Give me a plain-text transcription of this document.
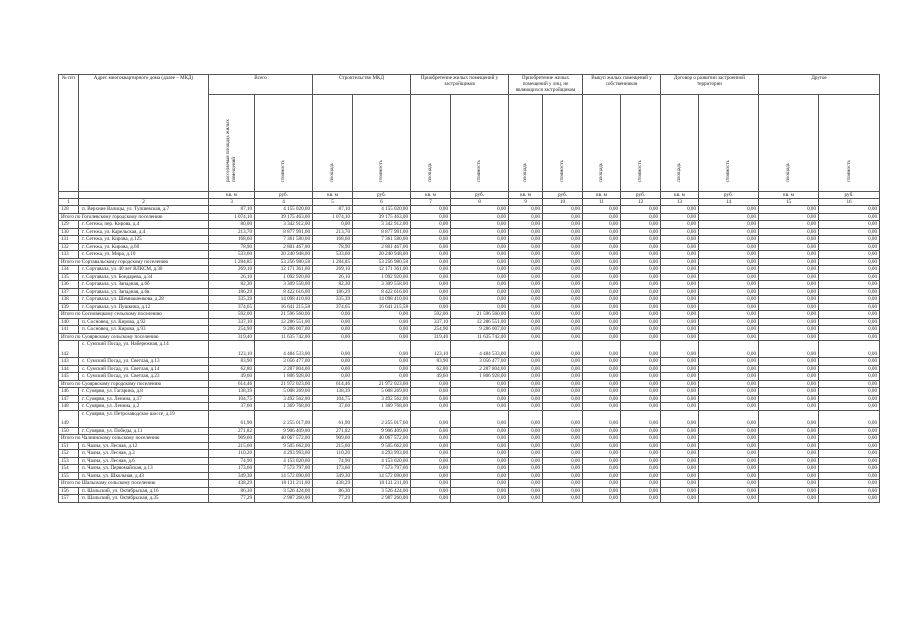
№ п/п	Адрес многоквартирного дома (далее – МКД)	Всего		Строительство МКД		Приобретение жилых помещений у застройщиков		Приобретение жилых помещений у лиц, не являющихся застройщиком		Выкуп жилых помещений у собственников		Договор о развитии застроенной территории		Другое	
		расселяемая площадь жилых помещений	стоимость	площадь	стоимость	площадь	стоимость	площадь	стоимость	площадь	стоимость	площадь	стоимость	площадь	стоимость
		кв. м	руб.	кв. м	руб.	кв. м	руб.	кв. м	руб.	кв. м	руб.	кв. м	руб.	кв. м	руб.
1	2	3	4	5	6	7	8	9	10	11	12	13	14	15	16
128	п. Верхние Валицы, ул. Тупшевская, д.7	87,10	4 155 020,00	87,10	4 155 020,00	0,00	0,00	0,00	0,00	0,00	0,00	0,00	0,00	0,00	0,00
Итого по Гоголевскому городскому поселению		1 074,10	39 175 463,00	1 074,10	39 175 463,00	0,00	0,00	0,00	0,00	0,00	0,00	0,00	0,00	0,00	0,00
129	г. Сегежа, пер. Кирова, д.4	80,00	3 342 912,00	0,00	3 342 912,00	0,00	0,00	0,00	0,00	0,00	0,00	0,00	0,00	0,00	0,00
130	г. Сегежа, ул. Карельская, д.4	213,70	8 877 991,00	213,70	8 877 991,00	0,00	0,00	0,00	0,00	0,00	0,00	0,00	0,00	0,00	0,00
131	г. Сегежа, ул. Кирова, д.125	168,60	7 361 580,00	168,60	7 361 580,00	0,00	0,00	0,00	0,00	0,00	0,00	0,00	0,00	0,00	0,00
132	г. Сегежа, ул. Кирова, д.60	78,90	2 801 467,00	78,90	2 801 467,00	0,00	0,00	0,00	0,00	0,00	0,00	0,00	0,00	0,00	0,00
133	г. Сегежа, ул. Мира, д.10	533,60	20 240 948,00	533,60	20 240 948,00	0,00	0,00	0,00	0,00	0,00	0,00	0,00	0,00	0,00	0,00
Итого по Сортавальскому городскому поселению		1 284,85	53 256 980,58	1 284,85	53 256 980,58	0,00	0,00	0,00	0,00	0,00	0,00	0,00	0,00	0,00	0,00
134	г. Сортавала, ул. 40 лет ВЛКСМ, д.30	269,10	12 171 361,00	269,10	12 171 361,00	0,00	0,00	0,00	0,00	0,00	0,00	0,00	0,00	0,00	0,00
135	г. Сортавала, ул. Бондарева, д.34	26,10	1 092 920,00	26,10	1 092 920,00	0,00	0,00	0,00	0,00	0,00	0,00	0,00	0,00	0,00	0,00
136	г. Сортавала, ул. Западная, д.6б	82,30	3 309 558,00	82,30	3 309 558,00	0,00	0,00	0,00	0,00	0,00	0,00	0,00	0,00	0,00	0,00
137	г. Сортавала, ул. Западная, д.6в	186,29	8 422 616,00	186,29	8 422 616,00	0,00	0,00	0,00	0,00	0,00	0,00	0,00	0,00	0,00	0,00
138	г. Сортавала, ул. Шемнашенкова, д.28	335,39	14 098 410,00	335,39	14 098 410,00	0,00	0,00	0,00	0,00	0,00	0,00	0,00	0,00	0,00	0,00
139	г. Сортавала, ул. Пушкина, д.12	374,65	16 641 215,58	374,65	16 641 215,58	0,00	0,00	0,00	0,00	0,00	0,00	0,00	0,00	0,00	0,00
Итого по Сосновецкому сельскому поселению		592,00	21 596 560,00	0,00	0,00	592,00	21 596 560,00	0,00	0,00	0,00	0,00	0,00	0,00	0,00	0,00
140	п. Сосновец, ул. Кирова, д.92	337,10	12 286 551,00	0,00	0,00	337,10	12 286 551,00	0,00	0,00	0,00	0,00	0,00	0,00	0,00	0,00
141	п. Сосновец, ул. Кирова, д.93	254,90	9 286 007,00	0,00	0,00	254,90	9 286 007,00	0,00	0,00	0,00	0,00	0,00	0,00	0,00	0,00
Итого по Суоярвскому сельскому поселению		319,40	11 635 742,00	0,00	0,00	319,40	11 635 742,00	0,00	0,00	0,00	0,00	0,00	0,00	0,00	0,00
142	с. Сумский Посад, ул. Набережная, д.14	123,10	4 484 533,00	0,00	0,00	123,10	4 484 533,00	0,00	0,00	0,00	0,00	0,00	0,00	0,00	0,00
143	с. Сумский Посад, ул. Светлая, д.13	83,90	3 056 477,00	0,00	0,00	83,90	3 056 477,00	0,00	0,00	0,00	0,00	0,00	0,00	0,00	0,00
144	с. Сумский Посад, ул. Светлая, д.14	62,80	2 287 804,00	0,00	0,00	62,80	2 287 804,00	0,00	0,00	0,00	0,00	0,00	0,00	0,00	0,00
145	с. Сумский Посад, ул. Светлая, д.23	49,60	1 806 928,00	0,00	0,00	49,60	1 806 928,00	0,00	0,00	0,00	0,00	0,00	0,00	0,00	0,00
Итого по Суоярвскому городскому поселению		614,46	21 972 023,00	614,46	21 972 023,00	0,00	0,00	0,00	0,00	0,00	0,00	0,00	0,00	0,00	0,00
146	г. Суоярви, ул. Гагарина, д.8	138,39	5 008 269,00	138,39	5 008 269,00	0,00	0,00	0,00	0,00	0,00	0,00	0,00	0,00	0,00	0,00
147	г. Суоярви, ул. Ленина, д.17	104,75	3 492 562,00	104,75	3 492 562,00	0,00	0,00	0,00	0,00	0,00	0,00	0,00	0,00	0,00	0,00
148	г. Суоярви, ул. Ленина, д.2	37,60	1 369 768,00	37,60	1 369 768,00	0,00	0,00	0,00	0,00	0,00	0,00	0,00	0,00	0,00	0,00
149	г. Суоярви, ул. Петрозаводское шоссе, д.19	61,90	2 255 017,00	61,90	2 255 017,00	0,00	0,00	0,00	0,00	0,00	0,00	0,00	0,00	0,00	0,00
150	г. Суоярви, ул. Победы, д.11	271,82	9 906 409,00	271,82	9 906 409,00	0,00	0,00	0,00	0,00	0,00	0,00	0,00	0,00	0,00	0,00
Итого по Чалнинскому сельскому поселению		909,60	40 067 572,00	909,60	40 067 572,00	0,00	0,00	0,00	0,00	0,00	0,00	0,00	0,00	0,00	0,00
151	п. Чална, ул. Лесная, д.12	215,60	9 505 662,00	215,60	9 505 662,00	0,00	0,00	0,00	0,00	0,00	0,00	0,00	0,00	0,00	0,00
152	п. Чална, ул. Лесная, д.3	110,20	4 293 993,00	110,20	4 293 993,00	0,00	0,00	0,00	0,00	0,00	0,00	0,00	0,00	0,00	0,00
153	п. Чална, ул. Лесная, д.6	74,90	4 153 020,00	74,90	4 153 020,00	0,00	0,00	0,00	0,00	0,00	0,00	0,00	0,00	0,00	0,00
154	п. Чална, ул. Первомайская, д.13	173,60	7 573 797,00	173,60	7 573 797,00	0,00	0,00	0,00	0,00	0,00	0,00	0,00	0,00	0,00	0,00
155	п. Чална, ул. Школьная, д.43	349,30	14 572 090,00	349,30	14 572 090,00	0,00	0,00	0,00	0,00	0,00	0,00	0,00	0,00	0,00	0,00
Итого по Шальскому сельскому поселению		438,29	18 131 211,00	438,29	18 131 211,00	0,00	0,00	0,00	0,00	0,00	0,00	0,00	0,00	0,00	0,00
156	п. Шальский, ул. Октябрьская, д.16	86,30	3 526 424,00	86,30	3 526 424,00	0,00	0,00	0,00	0,00	0,00	0,00	0,00	0,00	0,00	0,00
157	п. Шальский, ул. Октябрьская, д.35	77,29	2 987 260,00	77,29	2 987 260,00	0,00	0,00	0,00	0,00	0,00	0,00	0,00	0,00	0,00	0,00
